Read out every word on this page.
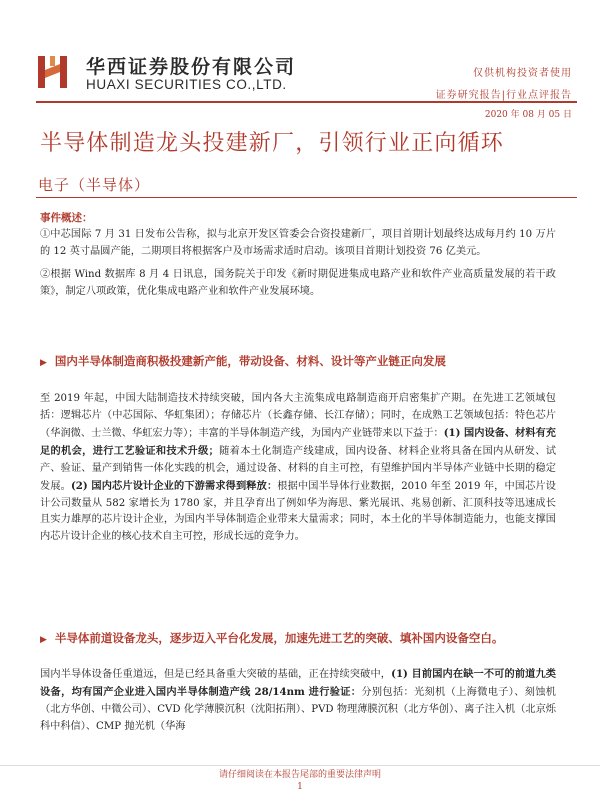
华西证券股份有限公司
HUAXI SECURITIES CO.,LTD.
仅供机构投资者使用
证券研究报告|行业点评报告
2020 年 08 月 05 日
半导体制造龙头投建新厂，引领行业正向循环
电子（半导体）
事件概述：

①中芯国际 7 月 31 日发布公告称，拟与北京开发区管委会合资投建新厂，项目首期计划最终达成每月约 10 万片的 12 英寸晶圆产能，二期项目将根据客户及市场需求适时启动。该项目首期计划投资 76 亿美元。

②根据 Wind 数据库 8 月 4 日讯息，国务院关于印发《新时期促进集成电路产业和软件产业高质量发展的若干政策》，制定八项政策，优化集成电路产业和软件产业发展环境。

▶ 国内半导体制造商积极投建新产能，带动设备、材料、设计等产业链正向发展

至 2019 年起，中国大陆制造技术持续突破，国内各大主流集成电路制造商开启密集扩产期。在先进工艺领域包括：逻辑芯片（中芯国际、华虹集团）；存储芯片（长鑫存储、长江存储）；同时，在成熟工艺领域包括：特色芯片（华润微、士兰微、华虹宏力等）；丰富的半导体制造产线，为国内产业链带来以下益于：(1) 国内设备、材料有充足的机会，进行工艺验证和技术升级；随着本土化制造产线建成，国内设备、材料企业将具备在国内从研发、试产、验证、量产到销售一体化实践的机会，通过设备、材料的自主可控，有望维护国内半导体产业链中长期的稳定发展。(2) 国内芯片设计企业的下游需求得到释放：根据中国半导体行业数据，2010 年至 2019 年，中国芯片设计公司数量从 582 家增长为 1780 家，并且孕育出了例如华为海思、紫光展讯、兆易创新、汇顶科技等迅速成长且实力雄厚的芯片设计企业，为国内半导体制造企业带来大量需求；同时，本土化的半导体制造能力，也能支撑国内芯片设计企业的核心技术自主可控，形成长远的竞争力。

▶ 半导体前道设备龙头，逐步迈入平台化发展，加速先进工艺的突破、填补国内设备空白。

国内半导体设备任重道远，但是已经具备重大突破的基础，正在持续突破中，(1) 目前国内在缺一不可的前道九类设备，均有国产企业进入国内半导体制造产线 28/14nm 进行验证：分别包括：光刻机（上海微电子）、刻蚀机（北方华创、中微公司）、CVD 化学薄膜沉积（沈阳拓荆）、PVD 物理薄膜沉积（北方华创）、离子注入机（北京烁科中科信）、CMP 抛光机（华海

请仔细阅读在本报告尾部的重要法律声明
1
